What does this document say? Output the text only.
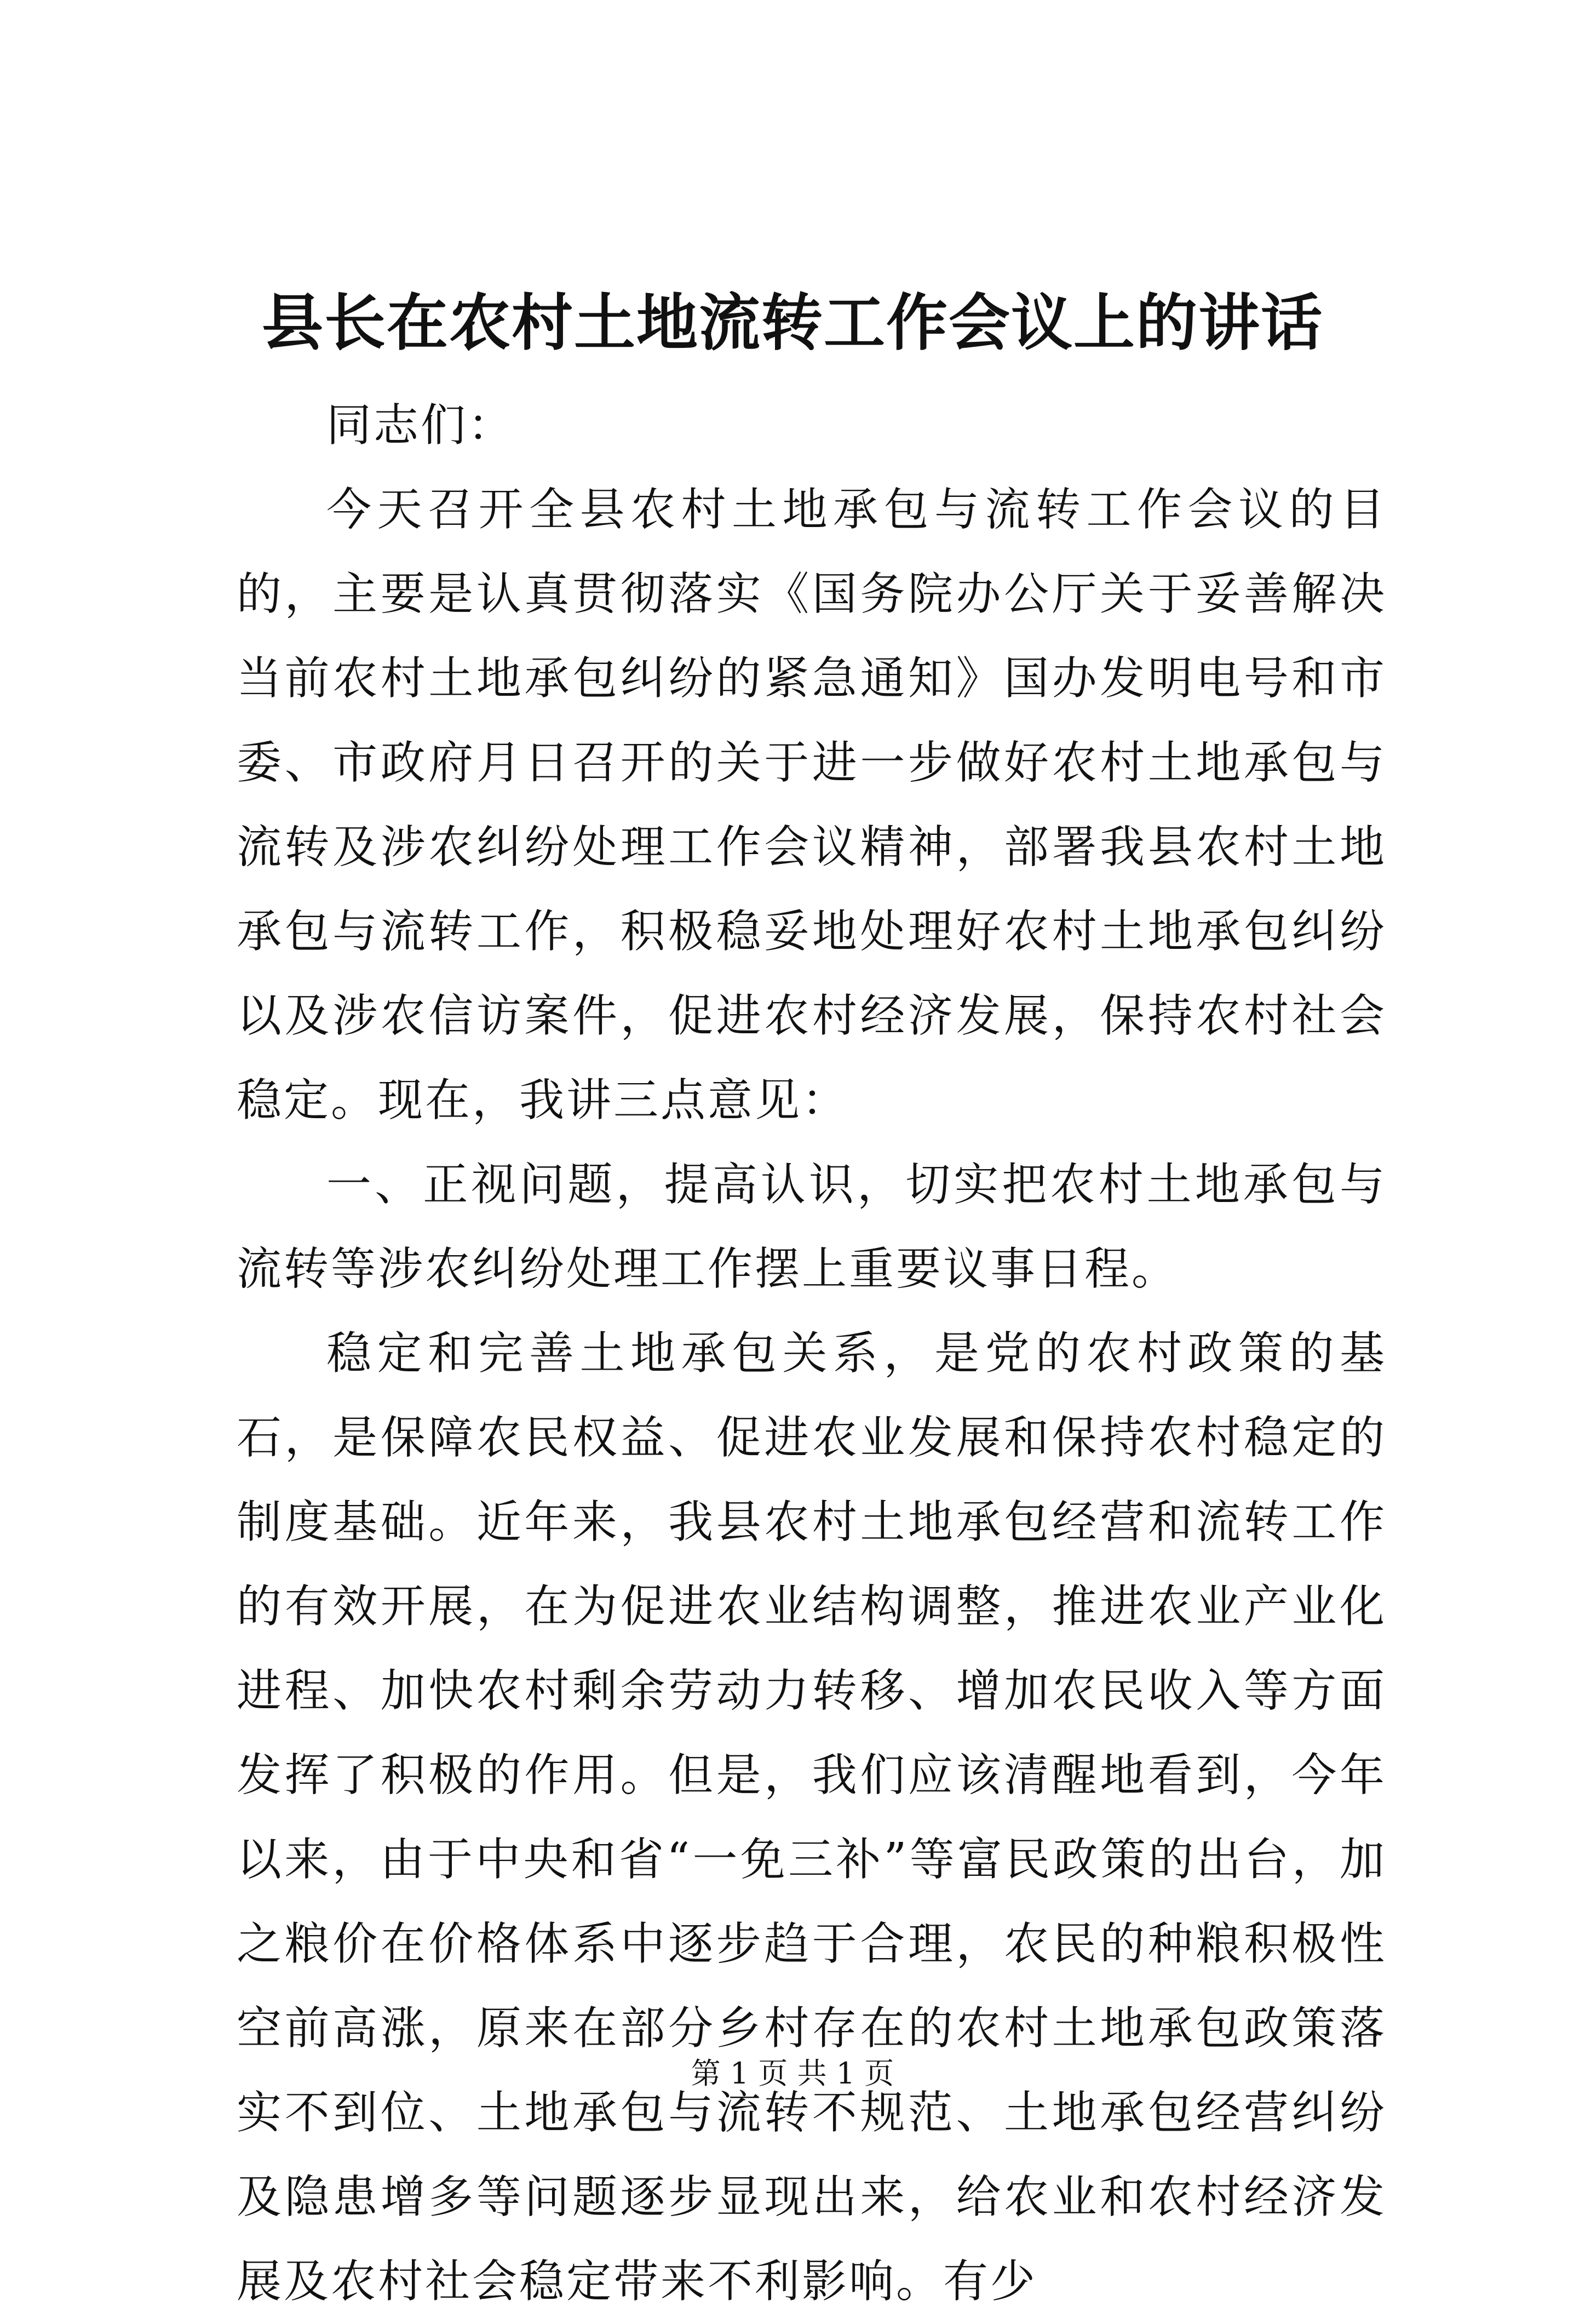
县长在农村土地流转工作会议上的讲话

同志们：

今天召开全县农村土地承包与流转工作会议的目的，主要是认真贯彻落实《国务院办公厅关于妥善解决当前农村土地承包纠纷的紧急通知》国办发明电号和市委、市政府月日召开的关于进一步做好农村土地承包与流转及涉农纠纷处理工作会议精神，部署我县农村土地承包与流转工作，积极稳妥地处理好农村土地承包纠纷以及涉农信访案件，促进农村经济发展，保持农村社会稳定。现在，我讲三点意见：

一、正视问题，提高认识，切实把农村土地承包与流转等涉农纠纷处理工作摆上重要议事日程。

稳定和完善土地承包关系，是党的农村政策的基石，是保障农民权益、促进农业发展和保持农村稳定的制度基础。近年来，我县农村土地承包经营和流转工作的有效开展，在为促进农业结构调整，推进农业产业化进程、加快农村剩余劳动力转移、增加农民收入等方面发挥了积极的作用。但是，我们应该清醒地看到，今年以来，由于中央和省“一免三补”等富民政策的出台，加之粮价在价格体系中逐步趋于合理，农民的种粮积极性空前高涨，原来在部分乡村存在的农村土地承包政策落实不到位、土地承包与流转不规范、土地承包经营纠纷及隐患增多等问题逐步显现出来，给农业和农村经济发展及农村社会稳定带来不利影响。有少

第 1 页 共 1 页
